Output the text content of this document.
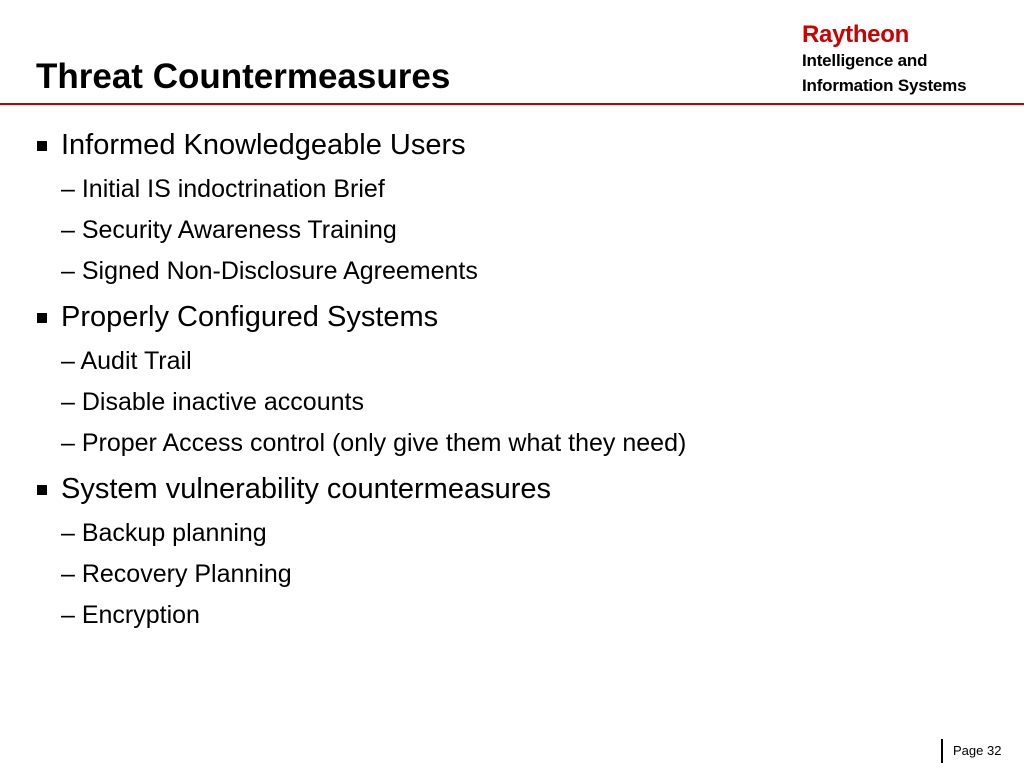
Threat Countermeasures
Raytheon
Intelligence and
Information Systems
Informed Knowledgeable Users
– Initial IS indoctrination Brief
– Security Awareness Training
– Signed Non-Disclosure Agreements
Properly Configured Systems
– Audit Trail
– Disable inactive accounts
– Proper Access control (only give them what they need)
System vulnerability countermeasures
– Backup planning
– Recovery Planning
– Encryption
Page 32
